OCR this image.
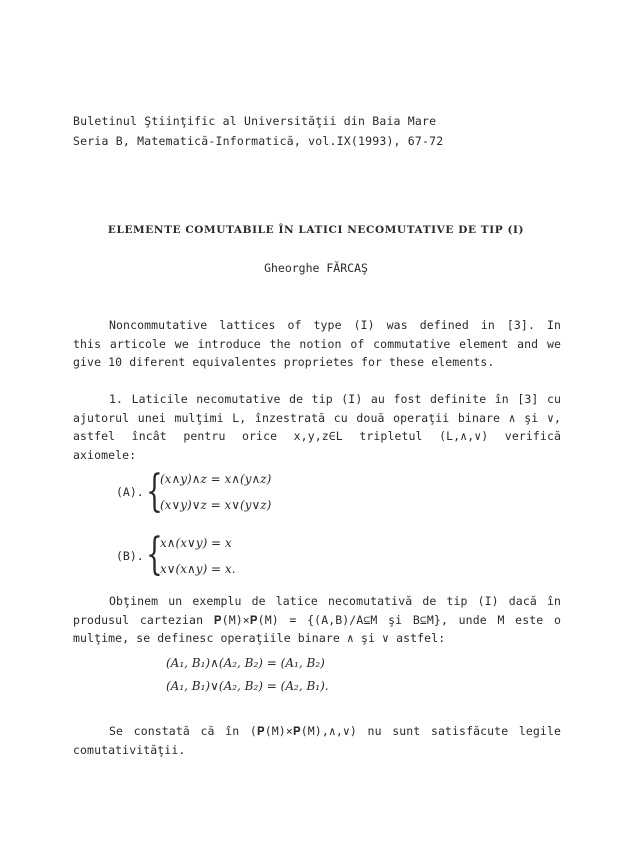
Buletinul Ştiinţific al Universităţii din Baia Mare
Seria B, Matematică-Informatică, vol.IX(1993), 67-72
ELEMENTE COMUTABILE ÎN LATICI NECOMUTATIVE DE TIP (I)
Gheorghe FĂRCAŞ
Noncommutative lattices of type (I) was defined in [3]. In
this articole we introduce the notion of commutative element and we
give 10 diferent equivalentes proprietes for these elements.
1. Laticile necomutative de tip (I) au fost definite în [3] cu
ajutorul unei mulţimi L, înzestrată cu două operaţii binare ∧ şi ∨,
astfel încât pentru orice x,y,z∈L tripletul (L,∧,∨) verifică
axiomele:
(A). {
(x∧y)∧z = x∧(y∧z)
(x∨y)∨z = x∨(y∨z)
(B). {
x∧(x∨y) = x
x∨(x∧y) = x.
Obţinem un exemplu de latice necomutativă de tip (I) dacă în
produsul cartezian 𝐏(M)×𝐏(M) = {(A,B)/A⊆M şi B⊆M}, unde M este o
mulţime, se definesc operaţiile binare ∧ şi ∨ astfel:
(A₁, B₁)∧(A₂, B₂) = (A₁, B₂)
(A₁, B₁)∨(A₂, B₂) = (A₂, B₁).
Se constată că în (𝐏(M)×𝐏(M),∧,∨) nu sunt satisfăcute legile
comutativităţii.
